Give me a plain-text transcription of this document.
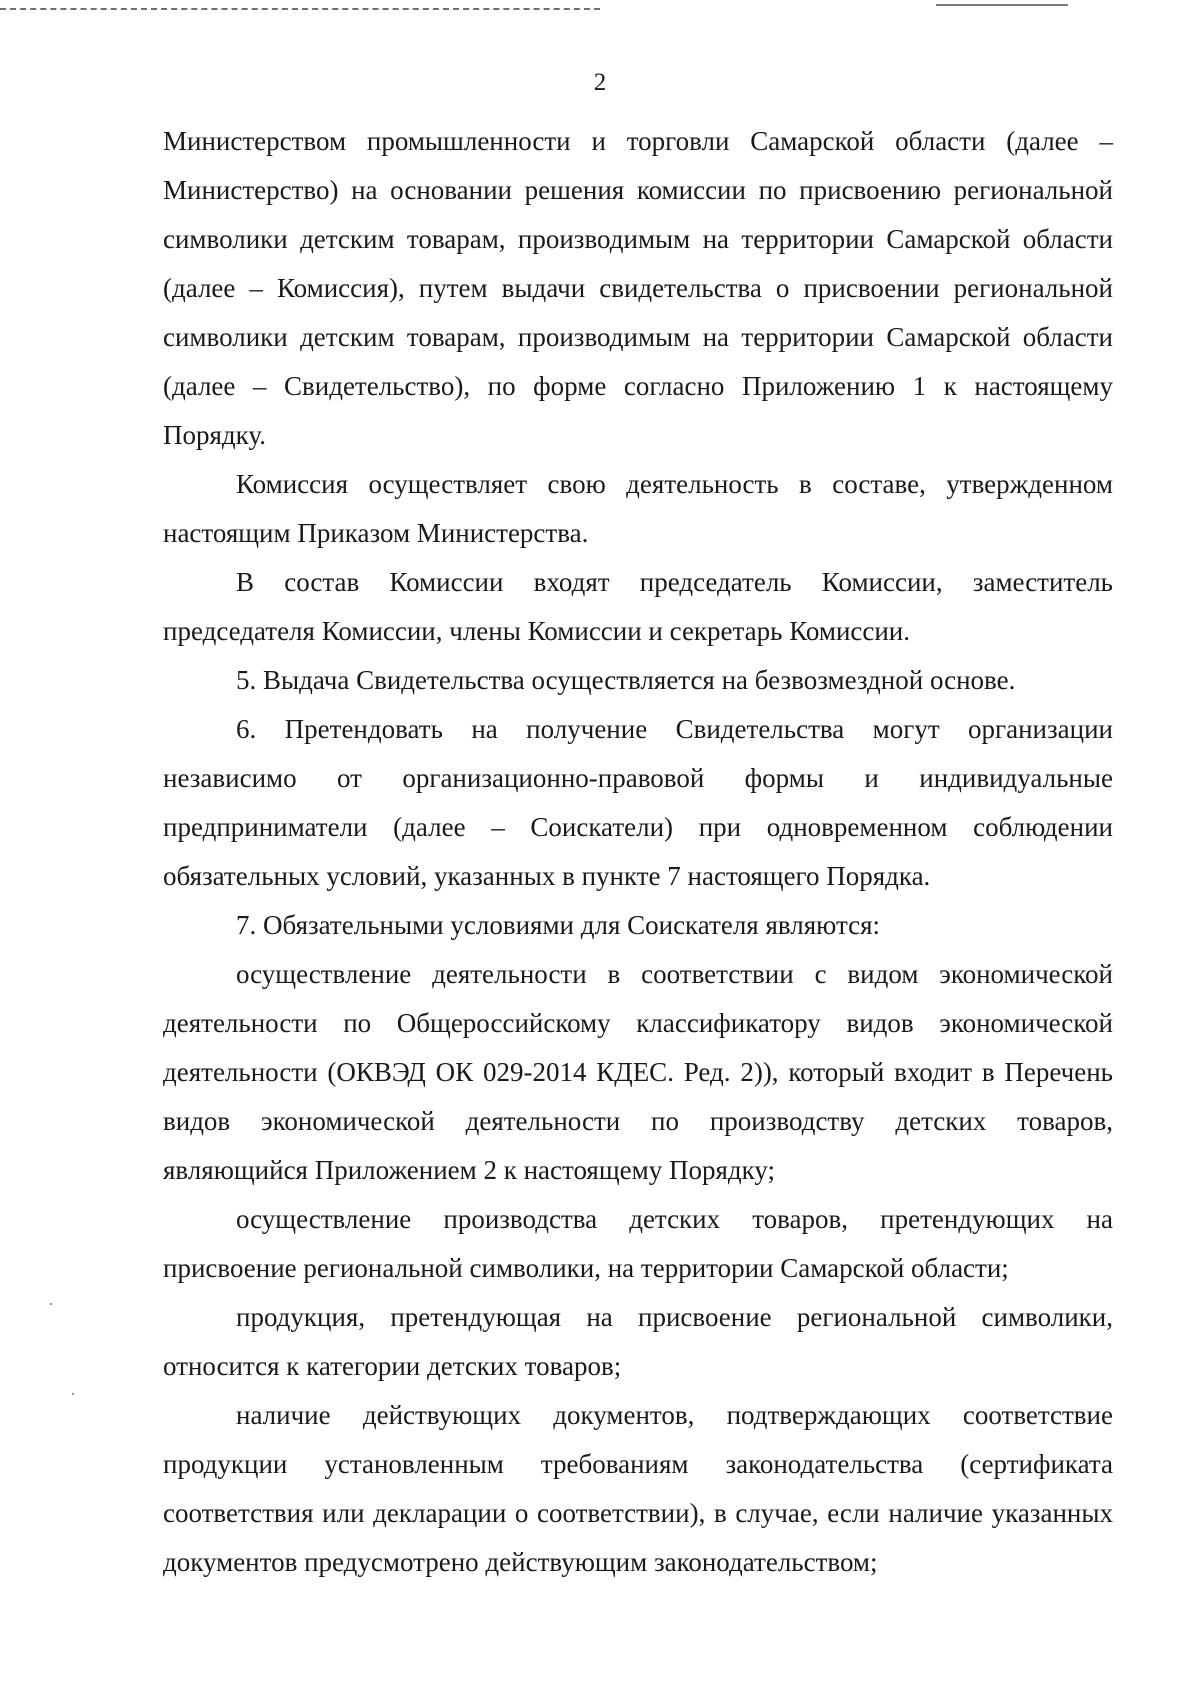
2

Министерством промышленности и торговли Самарской области (далее – Министерство) на основании решения комиссии по присвоению региональной символики детским товарам, производимым на территории Самарской области (далее – Комиссия), путем выдачи свидетельства о присвоении региональной символики детским товарам, производимым на территории Самарской области (далее – Свидетельство), по форме согласно Приложению 1 к настоящему Порядку.

Комиссия осуществляет свою деятельность в составе, утвержденном настоящим Приказом Министерства.

В состав Комиссии входят председатель Комиссии, заместитель председателя Комиссии, члены Комиссии и секретарь Комиссии.

5. Выдача Свидетельства осуществляется на безвозмездной основе.

6. Претендовать на получение Свидетельства могут организации независимо от организационно-правовой формы и индивидуальные предприниматели (далее – Соискатели) при одновременном соблюдении обязательных условий, указанных в пункте 7 настоящего Порядка.

7. Обязательными условиями для Соискателя являются:

осуществление деятельности в соответствии с видом экономической деятельности по Общероссийскому классификатору видов экономической деятельности (ОКВЭД ОК 029-2014 КДЕС. Ред. 2)), который входит в Перечень видов экономической деятельности по производству детских товаров, являющийся Приложением 2 к настоящему Порядку;

осуществление производства детских товаров, претендующих на присвоение региональной символики, на территории Самарской области;

продукция, претендующая на присвоение региональной символики, относится к категории детских товаров;

наличие действующих документов, подтверждающих соответствие продукции установленным требованиям законодательства (сертификата соответствия или декларации о соответствии), в случае, если наличие указанных документов предусмотрено действующим законодательством;
